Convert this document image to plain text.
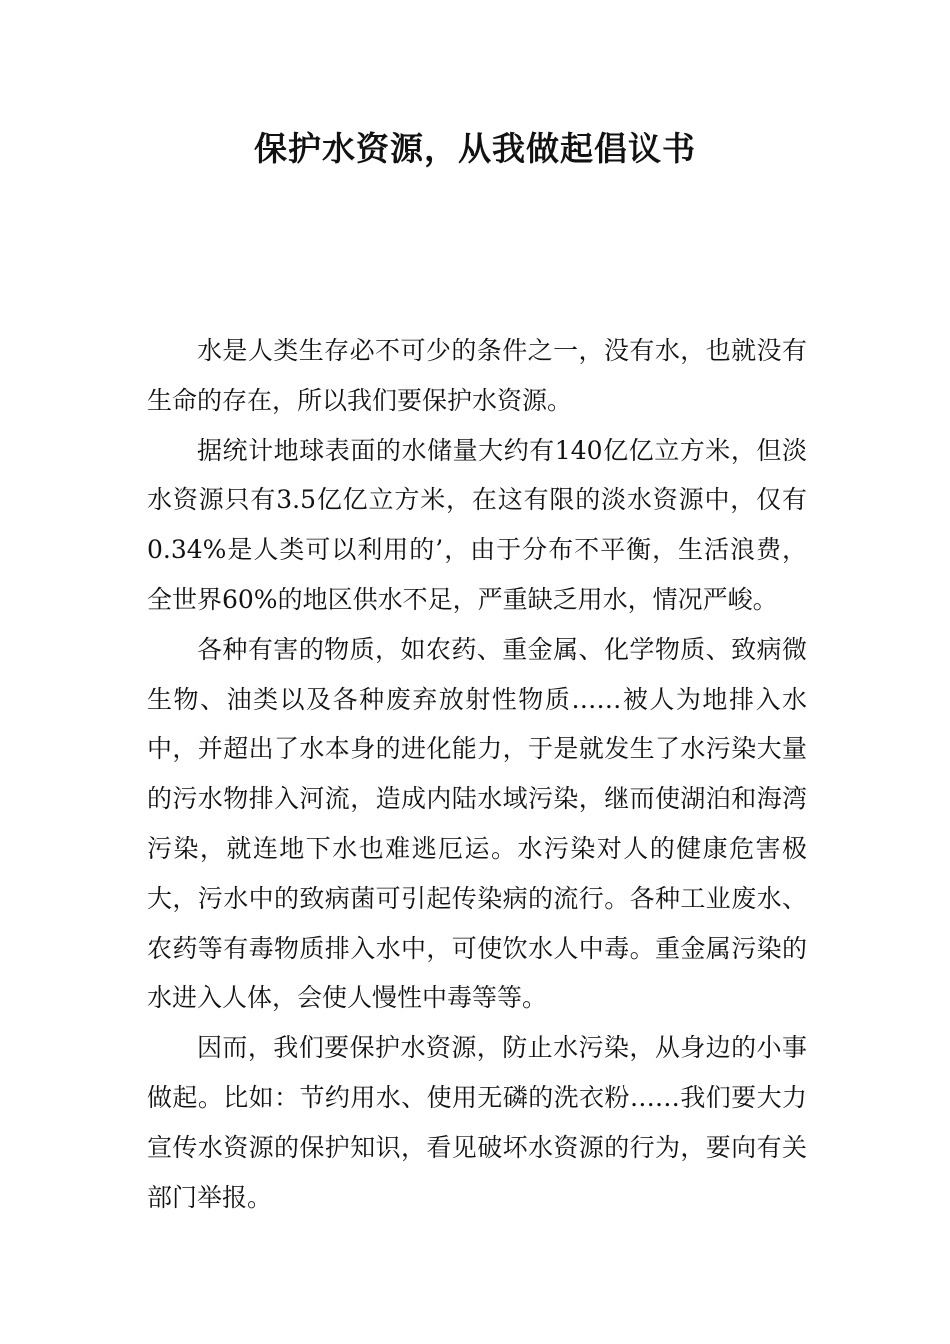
保护水资源，从我做起倡议书

水是人类生存必不可少的条件之一，没有水，也就没有生命的存在，所以我们要保护水资源。

据统计地球表面的水储量大约有140亿亿立方米，但淡水资源只有3.5亿亿立方米，在这有限的淡水资源中，仅有0.34%是人类可以利用的’，由于分布不平衡，生活浪费，全世界60%的地区供水不足，严重缺乏用水，情况严峻。

各种有害的物质，如农药、重金属、化学物质、致病微生物、油类以及各种废弃放射性物质……被人为地排入水中，并超出了水本身的进化能力，于是就发生了水污染大量的污水物排入河流，造成内陆水域污染，继而使湖泊和海湾污染，就连地下水也难逃厄运。水污染对人的健康危害极大，污水中的致病菌可引起传染病的流行。各种工业废水、农药等有毒物质排入水中，可使饮水人中毒。重金属污染的水进入人体，会使人慢性中毒等等。

因而，我们要保护水资源，防止水污染，从身边的小事做起。比如：节约用水、使用无磷的洗衣粉……我们要大力宣传水资源的保护知识，看见破坏水资源的行为，要向有关部门举报。
